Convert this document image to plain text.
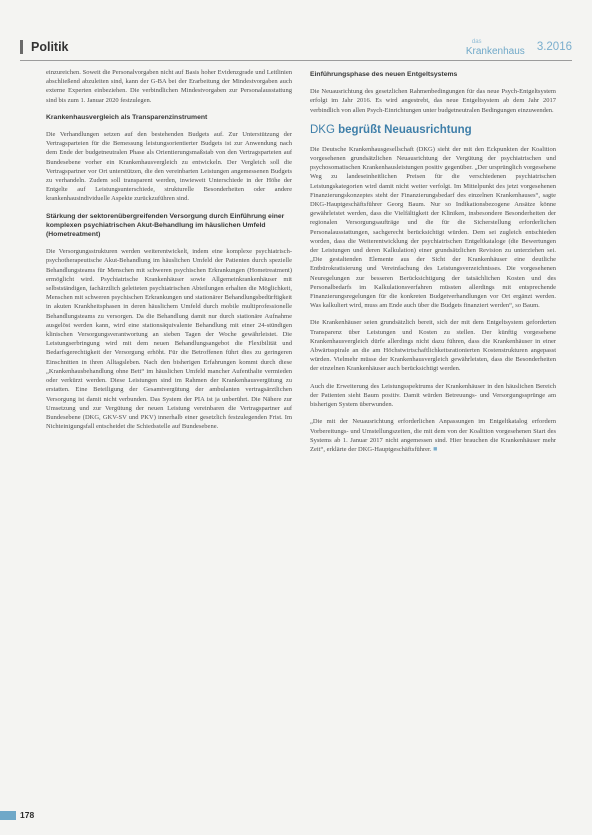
Politik	das
Krankenhaus 3.2016

einzureichen. Soweit die Personalvorgaben nicht auf Basis hoher Evidenzgrade und Leitlinien abschließend abzuleiten sind, kann der G-BA bei der Erarbeitung der Mindestvorgaben auch externe Experten einbeziehen. Die verbindlichen Mindestvorgaben zur Personalausstattung sind bis zum 1. Januar 2020 festzulegen.

Krankenhausvergleich als Transparenzinstrument

Die Verhandlungen setzen auf den bestehenden Budgets auf. Zur Unterstützung der Vertragsparteien für die Bemessung leistungsorientierter Budgets ist zur Anwendung nach dem Ende der budgetneutralen Phase als Orientierungsmaßstab von den Vertragsparteien auf Bundesebene vorher ein Krankenhausvergleich zu entwickeln. Der Vergleich soll die Vertragspartner vor Ort unterstützen, die den vereinbarten Leistungen angemessenen Budgets zu verhandeln. Zudem soll transparent werden, inwieweit Unterschiede in der Höhe der Entgelte auf Leistungsunterschiede, strukturelle Besonderheiten oder andere krankenhausindividuelle Aspekte zurückzuführen sind.

Stärkung der sektorenübergreifenden Versorgung durch Einführung einer komplexen psychiatrischen Akut-Behandlung im häuslichen Umfeld (Hometreatment)

Die Versorgungsstrukturen werden weiterentwickelt, indem eine komplexe psychiatrisch-psychotherapeutische Akut-Behandlung im häuslichen Umfeld der Patienten durch spezielle Behandlungsteams für Menschen mit schweren psychischen Erkrankungen (Hometreatment) ermöglicht wird. Psychiatrische Krankenhäuser sowie Allgemeinkrankenhäuser mit selbstständigen, fachärztlich geleiteten psychiatrischen Abteilungen erhalten die Möglichkeit, Menschen mit schweren psychischen Erkrankungen und stationärer Behandlungsbedürftigkeit in akuten Krankheitsphasen in deren häuslichem Umfeld durch mobile multiprofessionelle Behandlungsteams zu versorgen. Da die Behandlung damit nur durch stationäre Aufnahme ausgelöst werden kann, wird eine stationsäquivalente Behandlung mit einer 24-stündigen klinischen Versorgungsverantwortung an sieben Tagen der Woche gewährleistet. Die Leistungserbringung wird mit dem neuen Behandlungsangebot die Flexibilität und Bedarfsgerechtigkeit der Versorgung erhöht. Für die Betroffenen führt dies zu geringeren Einschnitten in ihren Alltagsleben. Nach den bisherigen Erfahrungen kommt durch diese „Krankenhausbehandlung ohne Bett“ im häuslichen Umfeld mancher Aufenthalte vermieden oder verkürzt werden. Diese Leistungen sind im Rahmen der Krankenhausvergütung zu erstatten. Eine Beteiligung der Gesamtvergütung der ambulanten vertragsärztlichen Versorgung ist damit nicht verbunden. Das System der PIA ist ja unberührt. Die Nähere zur Umsetzung und zur Vergütung der neuen Leistung vereinbaren die Vertragspartner auf Bundesebene (DKG, GKV-SV und PKV) innerhalb einer gesetzlich festzulegenden Frist. Im Nichteinigungsfall entscheidet die Schiedsstelle auf Bundesebene.

Einführungsphase des neuen Entgeltsystems

Die Neuausrichtung des gesetzlichen Rahmenbedingungen für das neue Psych-Entgeltsystem erfolgt im Jahr 2016. Es wird angestrebt, das neue Entgeltsystem ab dem Jahr 2017 verbindlich von allen Psych-Einrichtungen unter budgetneutralen Bedingungen einzuwenden.

DKG begrüßt Neuausrichtung

Die Deutsche Krankenhausgesellschaft (DKG) sieht der mit den Eckpunkten der Koalition vorgesehenen grundsätzlichen Neuausrichtung der Vergütung der psychiatrischen und psychosomatischen Krankenhausleistungen positiv gegenüber. „Der ursprünglich vorgesehene Weg zu landeseinheitlichen Preisen für die verschiedenen psychiatrischen Leistungskategorien wird damit nicht weiter verfolgt. Im Mittelpunkt des jetzt vorgesehenen Finanzierungskonzeptes steht der Finanzierungsbedarf des einzelnen Krankenhauses“, sagte DKG-Hauptgeschäftsführer Georg Baum. Nur so Indikationsbezogene Ansätze könne gewährleistet werden, dass die Vielfältigkeit der Kliniken, insbesondere Besonderheiten der regionalen Versorgungsaufträge und die für die Sicherstellung erforderlichen Personalausstattungen, sachgerecht berücksichtigt würden. Dem sei zugleich entschieden worden, dass die Weiterentwicklung der psychiatrischen Entgeltkataloge (die Bewertungen der Leistungen und deren Kalkulation) einer grundsätzlichen Revision zu unterziehen sei. „Die gestaltenden Elemente aus der Sicht der Krankenhäuser eine deutliche Entbürokratisierung und Vereinfachung des Leistungsverzeichnisses. Die vorgesehenen Neuregelungen zur besseren Berücksichtigung der tatsächlichen Kosten und des Personalbedarfs im Kalkulationsverfahren müssten allerdings mit entsprechende Finanzierungsregelungen für die konkreten Budgetverhandlungen vor Ort ergänzt werden. Was kalkuliert wird, muss am Ende auch über die Budgets finanziert werden“, so Baum.

Die Krankenhäuser seien grundsätzlich bereit, sich der mit dem Entgeltsystem geforderten Transparenz über Leistungen und Kosten zu stellen. Der künftig vorgesehene Krankenhausvergleich dürfe allerdings nicht dazu führen, dass die Krankenhäuser in einer Abwärtsspirale an die am Höchstwirtschaftlichkeitsrationierten Kostenstrukturen angepasst würden. Vielmehr müsse der Krankenhausvergleich gewährleisten, dass die Besonderheiten der einzelnen Krankenhäuser auch berücksichtigt werden.

Auch die Erweiterung des Leistungsspektrums der Krankenhäuser in den häuslichen Bereich der Patienten sieht Baum positiv. Damit würden Betreuungs- und Versorgungssprünge am bisherigen System überwunden.

„Die mit der Neuausrichtung erforderlichen Anpassungen im Entgeltkatalog erfordern Vorbereitungs- und Umstellungszeiten, die mit dem von der Koalition vorgesehenen Start des Systems ab 1. Januar 2017 nicht angemessen sind. Hier brauchen die Krankenhäuser mehr Zeit“, erklärte der DKG-Hauptgeschäftsführer. ■

178
